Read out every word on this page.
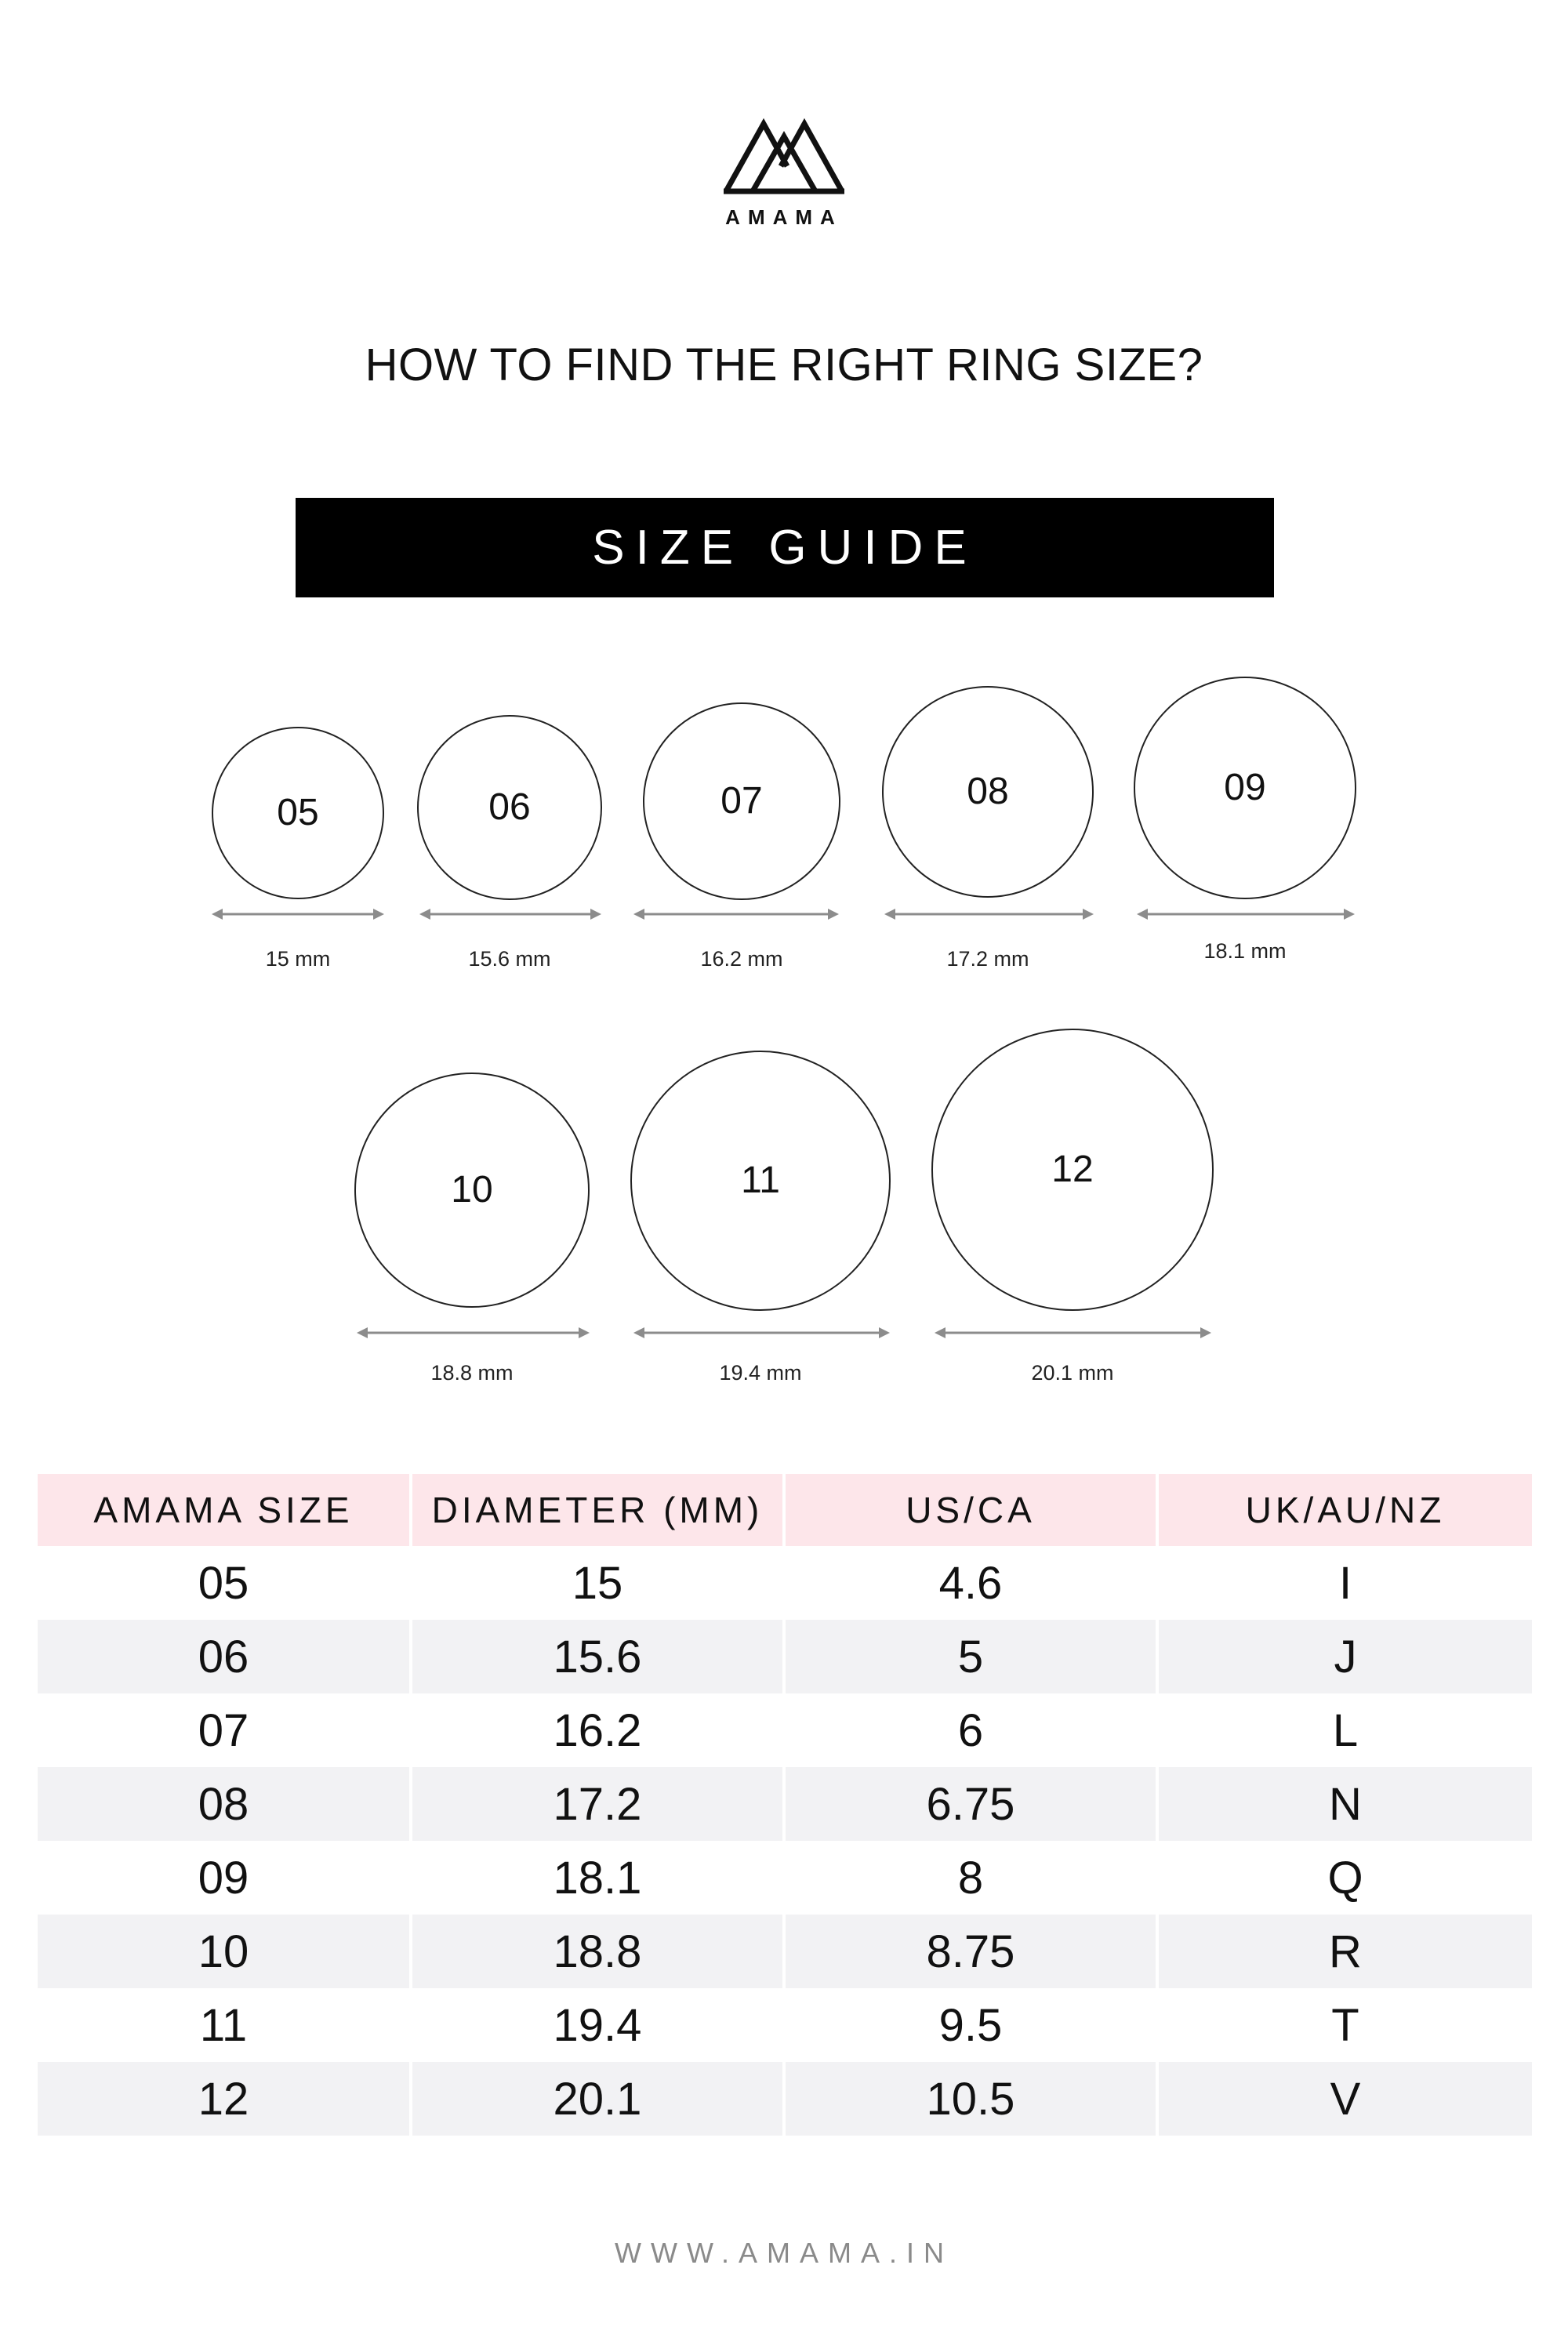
AMAMA
HOW TO FIND THE RIGHT RING SIZE?
SIZE GUIDE
05
15 mm
06
15.6 mm
07
16.2 mm
08
17.2 mm
09
18.1 mm
10
18.8 mm
11
19.4 mm
12
20.1 mm
AMAMA SIZE	DIAMETER (MM)	US/CA	UK/AU/NZ
05	15	4.6	I
06	15.6	5	J
07	16.2	6	L
08	17.2	6.75	N
09	18.1	8	Q
10	18.8	8.75	R
11	19.4	9.5	T
12	20.1	10.5	V
WWW.AMAMA.IN
